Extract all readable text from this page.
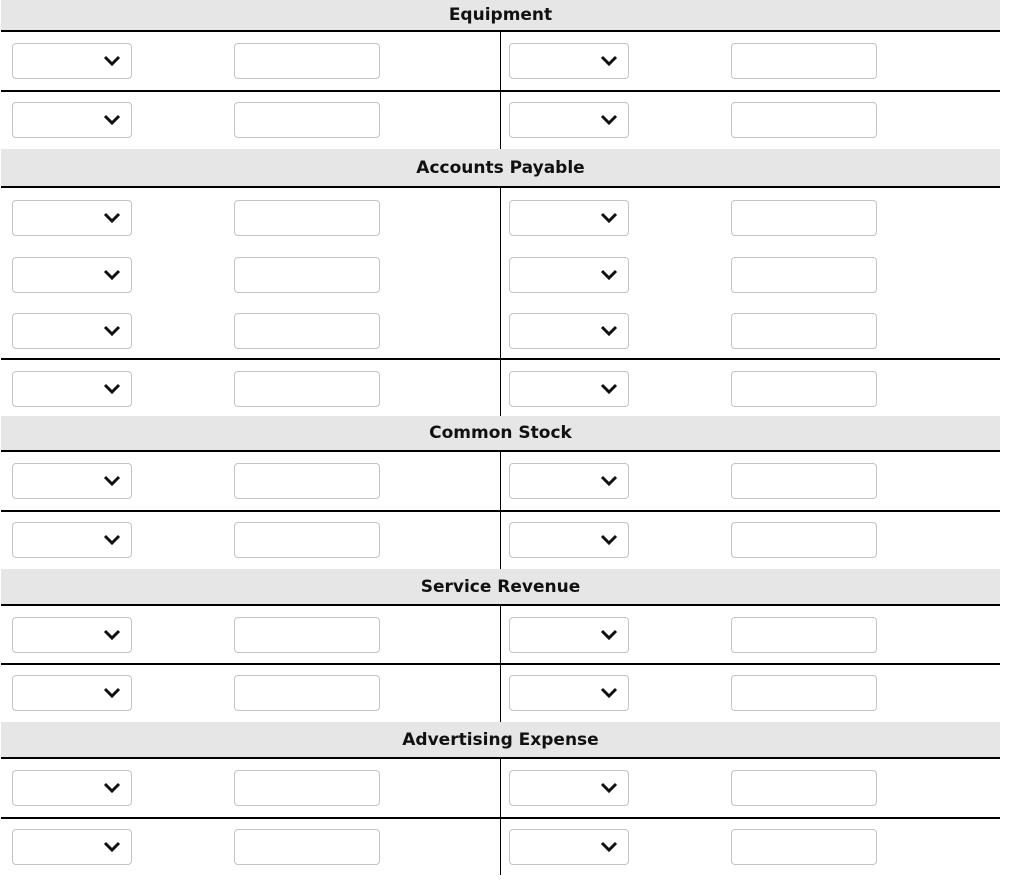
Equipment
Accounts Payable
Common Stock
Service Revenue
Advertising Expense
